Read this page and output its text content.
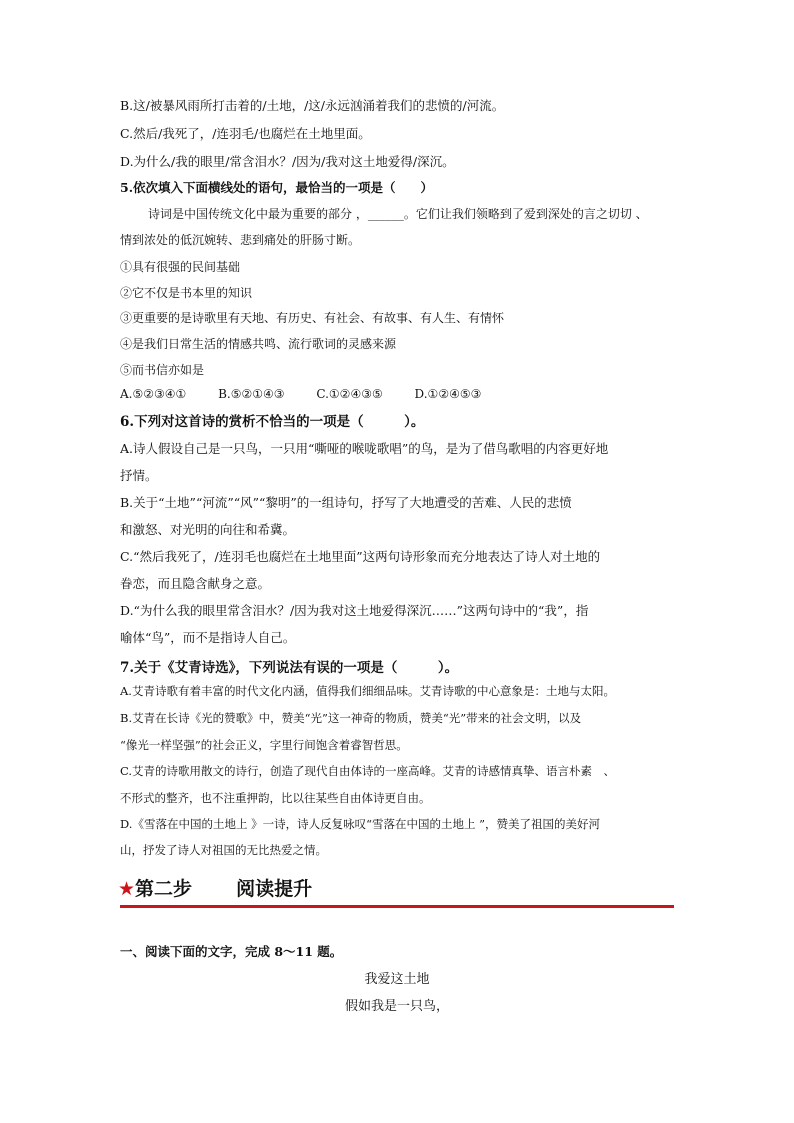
B.这/被暴风雨所打击着的/土地，/这/永远汹涌着我们的悲愤的/河流。
C.然后/我死了，/连羽毛/也腐烂在土地里面。
D.为什么/我的眼里/常含泪水？/因为/我对这土地爱得/深沉。
5.依次填入下面横线处的语句，最恰当的一项是（　　）
诗词是中国传统文化中最为重要的部分 ，______。它们让我们领略到了爱到深处的言之切切 、
情到浓处的低沉婉转、悲到痛处的肝肠寸断。
①具有很强的民间基础
②它不仅是书本里的知识
③更重要的是诗歌里有天地、有历史、有社会、有故事、有人生、有情怀
④是我们日常生活的情感共鸣、流行歌词的灵感来源
⑤而书信亦如是
A.⑤②③④①	B.⑤②①④③	C.①②④③⑤	D.①②④⑤③
6.下列对这首诗的赏析不恰当的一项是（　　　）。
A.诗人假设自己是一只鸟，一只用“嘶哑的喉咙歌唱”的鸟，是为了借鸟歌唱的内容更好地
抒情。
B.关于“土地”“河流”“风”“黎明”的一组诗句，抒写了大地遭受的苦难、人民的悲愤
和激怒、对光明的向往和希冀。
C.“然后我死了，/连羽毛也腐烂在土地里面”这两句诗形象而充分地表达了诗人对土地的
眷恋，而且隐含献身之意。
D.“为什么我的眼里常含泪水？/因为我对这土地爱得深沉……”这两句诗中的“我”，指
喻体“鸟”，而不是指诗人自己。
7.关于《艾青诗选》，下列说法有误的一项是（　　　）。
A.艾青诗歌有着丰富的时代文化内涵，值得我们细细品味。艾青诗歌的中心意象是：土地与太阳。
B.艾青在长诗《光的赞歌》中，赞美“光”这一神奇的物质，赞美“光”带来的社会文明，以及
“像光一样坚强”的社会正义，字里行间饱含着睿智哲思。
C.艾青的诗歌用散文的诗行，创造了现代自由体诗的一座高峰。艾青的诗感情真挚、语言朴素　、
不形式的整齐，也不注重押韵，比以往某些自由体诗更自由。
D.《雪落在中国的土地上 》一诗，诗人反复咏叹“雪落在中国的土地上 ”，赞美了祖国的美好河
山，抒发了诗人对祖国的无比热爱之情。
★第二步 阅读提升
一、阅读下面的文字，完成 8～11 题。
我爱这土地
假如我是一只鸟，
